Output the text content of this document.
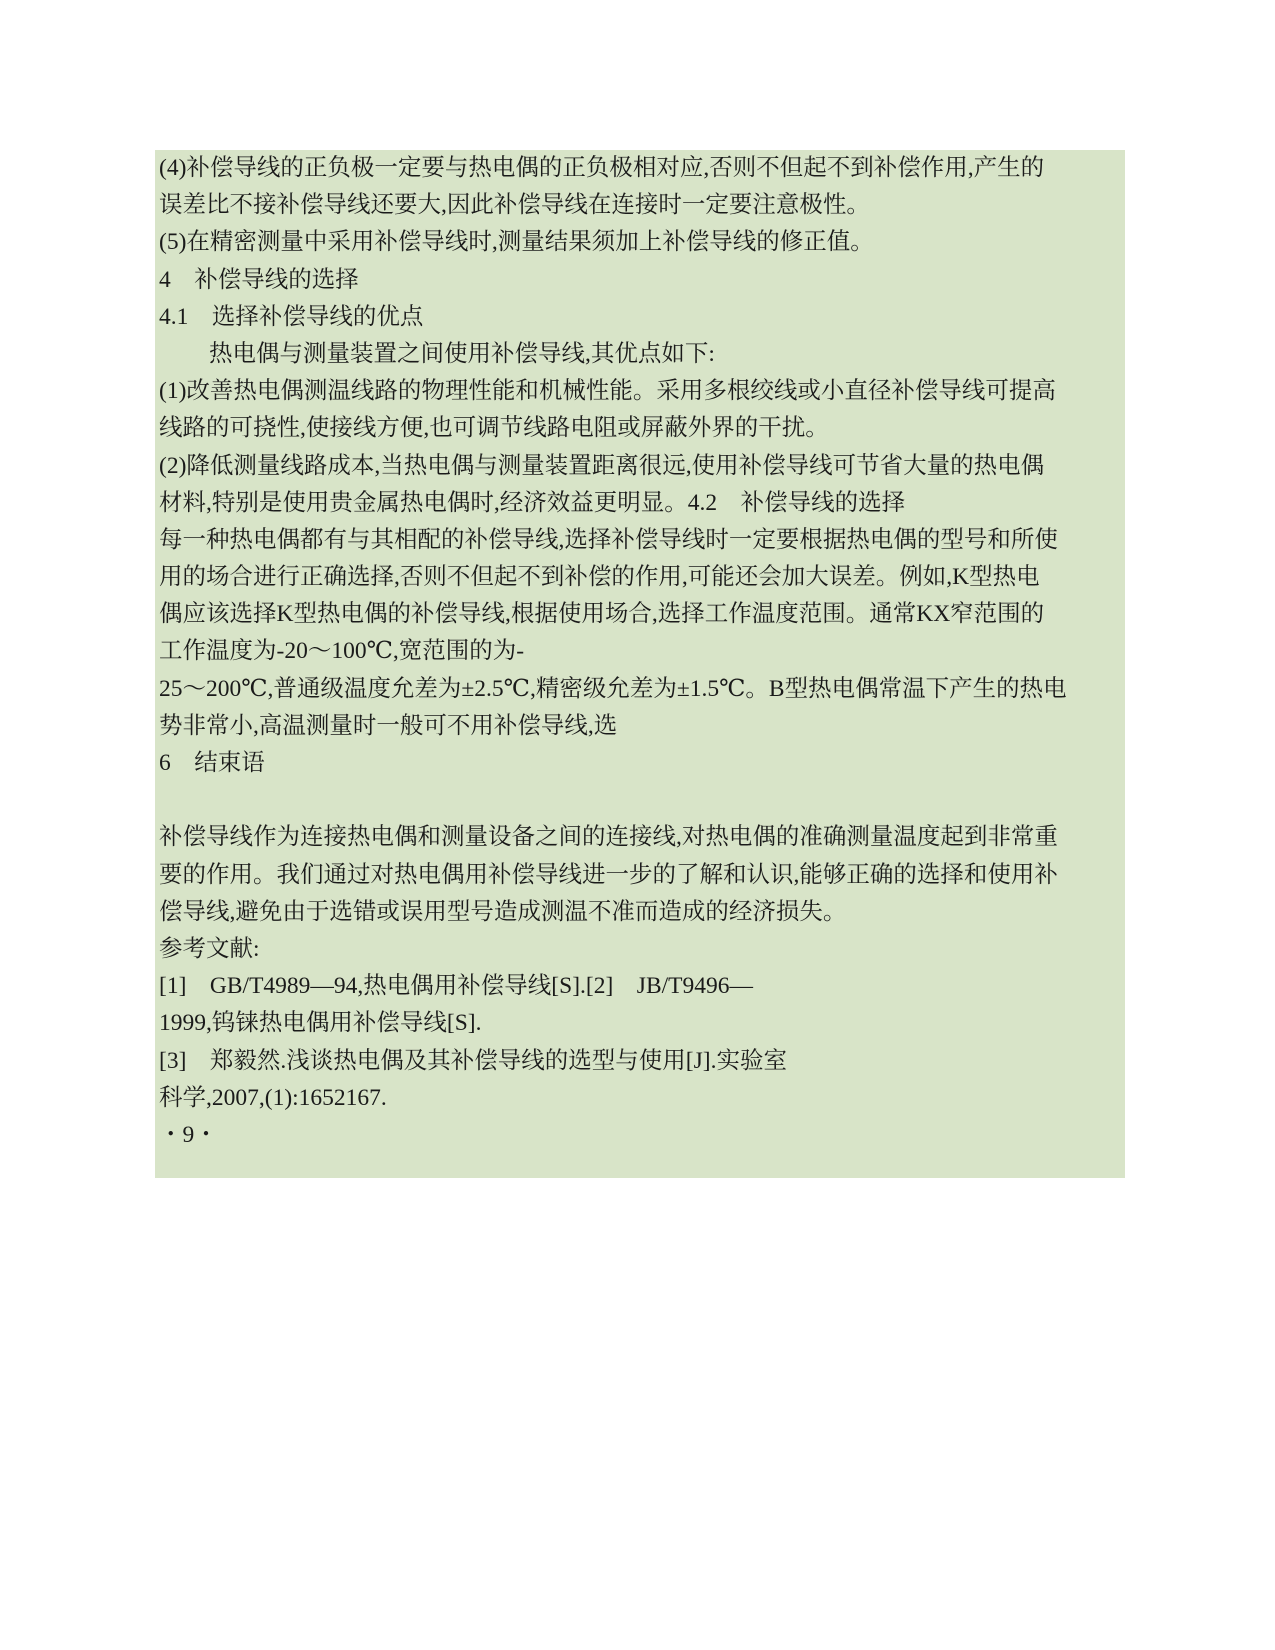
(4)补偿导线的正负极一定要与热电偶的正负极相对应,否则不但起不到补偿作用,产生的
误差比不接补偿导线还要大,因此补偿导线在连接时一定要注意极性。
(5)在精密测量中采用补偿导线时,测量结果须加上补偿导线的修正值。
4　补偿导线的选择
4.1　选择补偿导线的优点
热电偶与测量装置之间使用补偿导线,其优点如下:
(1)改善热电偶测温线路的物理性能和机械性能。采用多根绞线或小直径补偿导线可提高
线路的可挠性,使接线方便,也可调节线路电阻或屏蔽外界的干扰。
(2)降低测量线路成本,当热电偶与测量装置距离很远,使用补偿导线可节省大量的热电偶
材料,特别是使用贵金属热电偶时,经济效益更明显。4.2　补偿导线的选择
每一种热电偶都有与其相配的补偿导线,选择补偿导线时一定要根据热电偶的型号和所使
用的场合进行正确选择,否则不但起不到补偿的作用,可能还会加大误差。例如,K型热电
偶应该选择K型热电偶的补偿导线,根据使用场合,选择工作温度范围。通常KX窄范围的
工作温度为-20～100℃,宽范围的为-
25～200℃,普通级温度允差为±2.5℃,精密级允差为±1.5℃。B型热电偶常温下产生的热电
势非常小,高温测量时一般可不用补偿导线,选
6　结束语
补偿导线作为连接热电偶和测量设备之间的连接线,对热电偶的准确测量温度起到非常重
要的作用。我们通过对热电偶用补偿导线进一步的了解和认识,能够正确的选择和使用补
偿导线,避免由于选错或误用型号造成测温不准而造成的经济损失。
参考文献:
[1]　GB/T4989—94,热电偶用补偿导线[S].[2]　JB/T9496—
1999,钨铼热电偶用补偿导线[S].
[3]　郑毅然.浅谈热电偶及其补偿导线的选型与使用[J].实验室
科学,2007,(1):1652167.
・9・
